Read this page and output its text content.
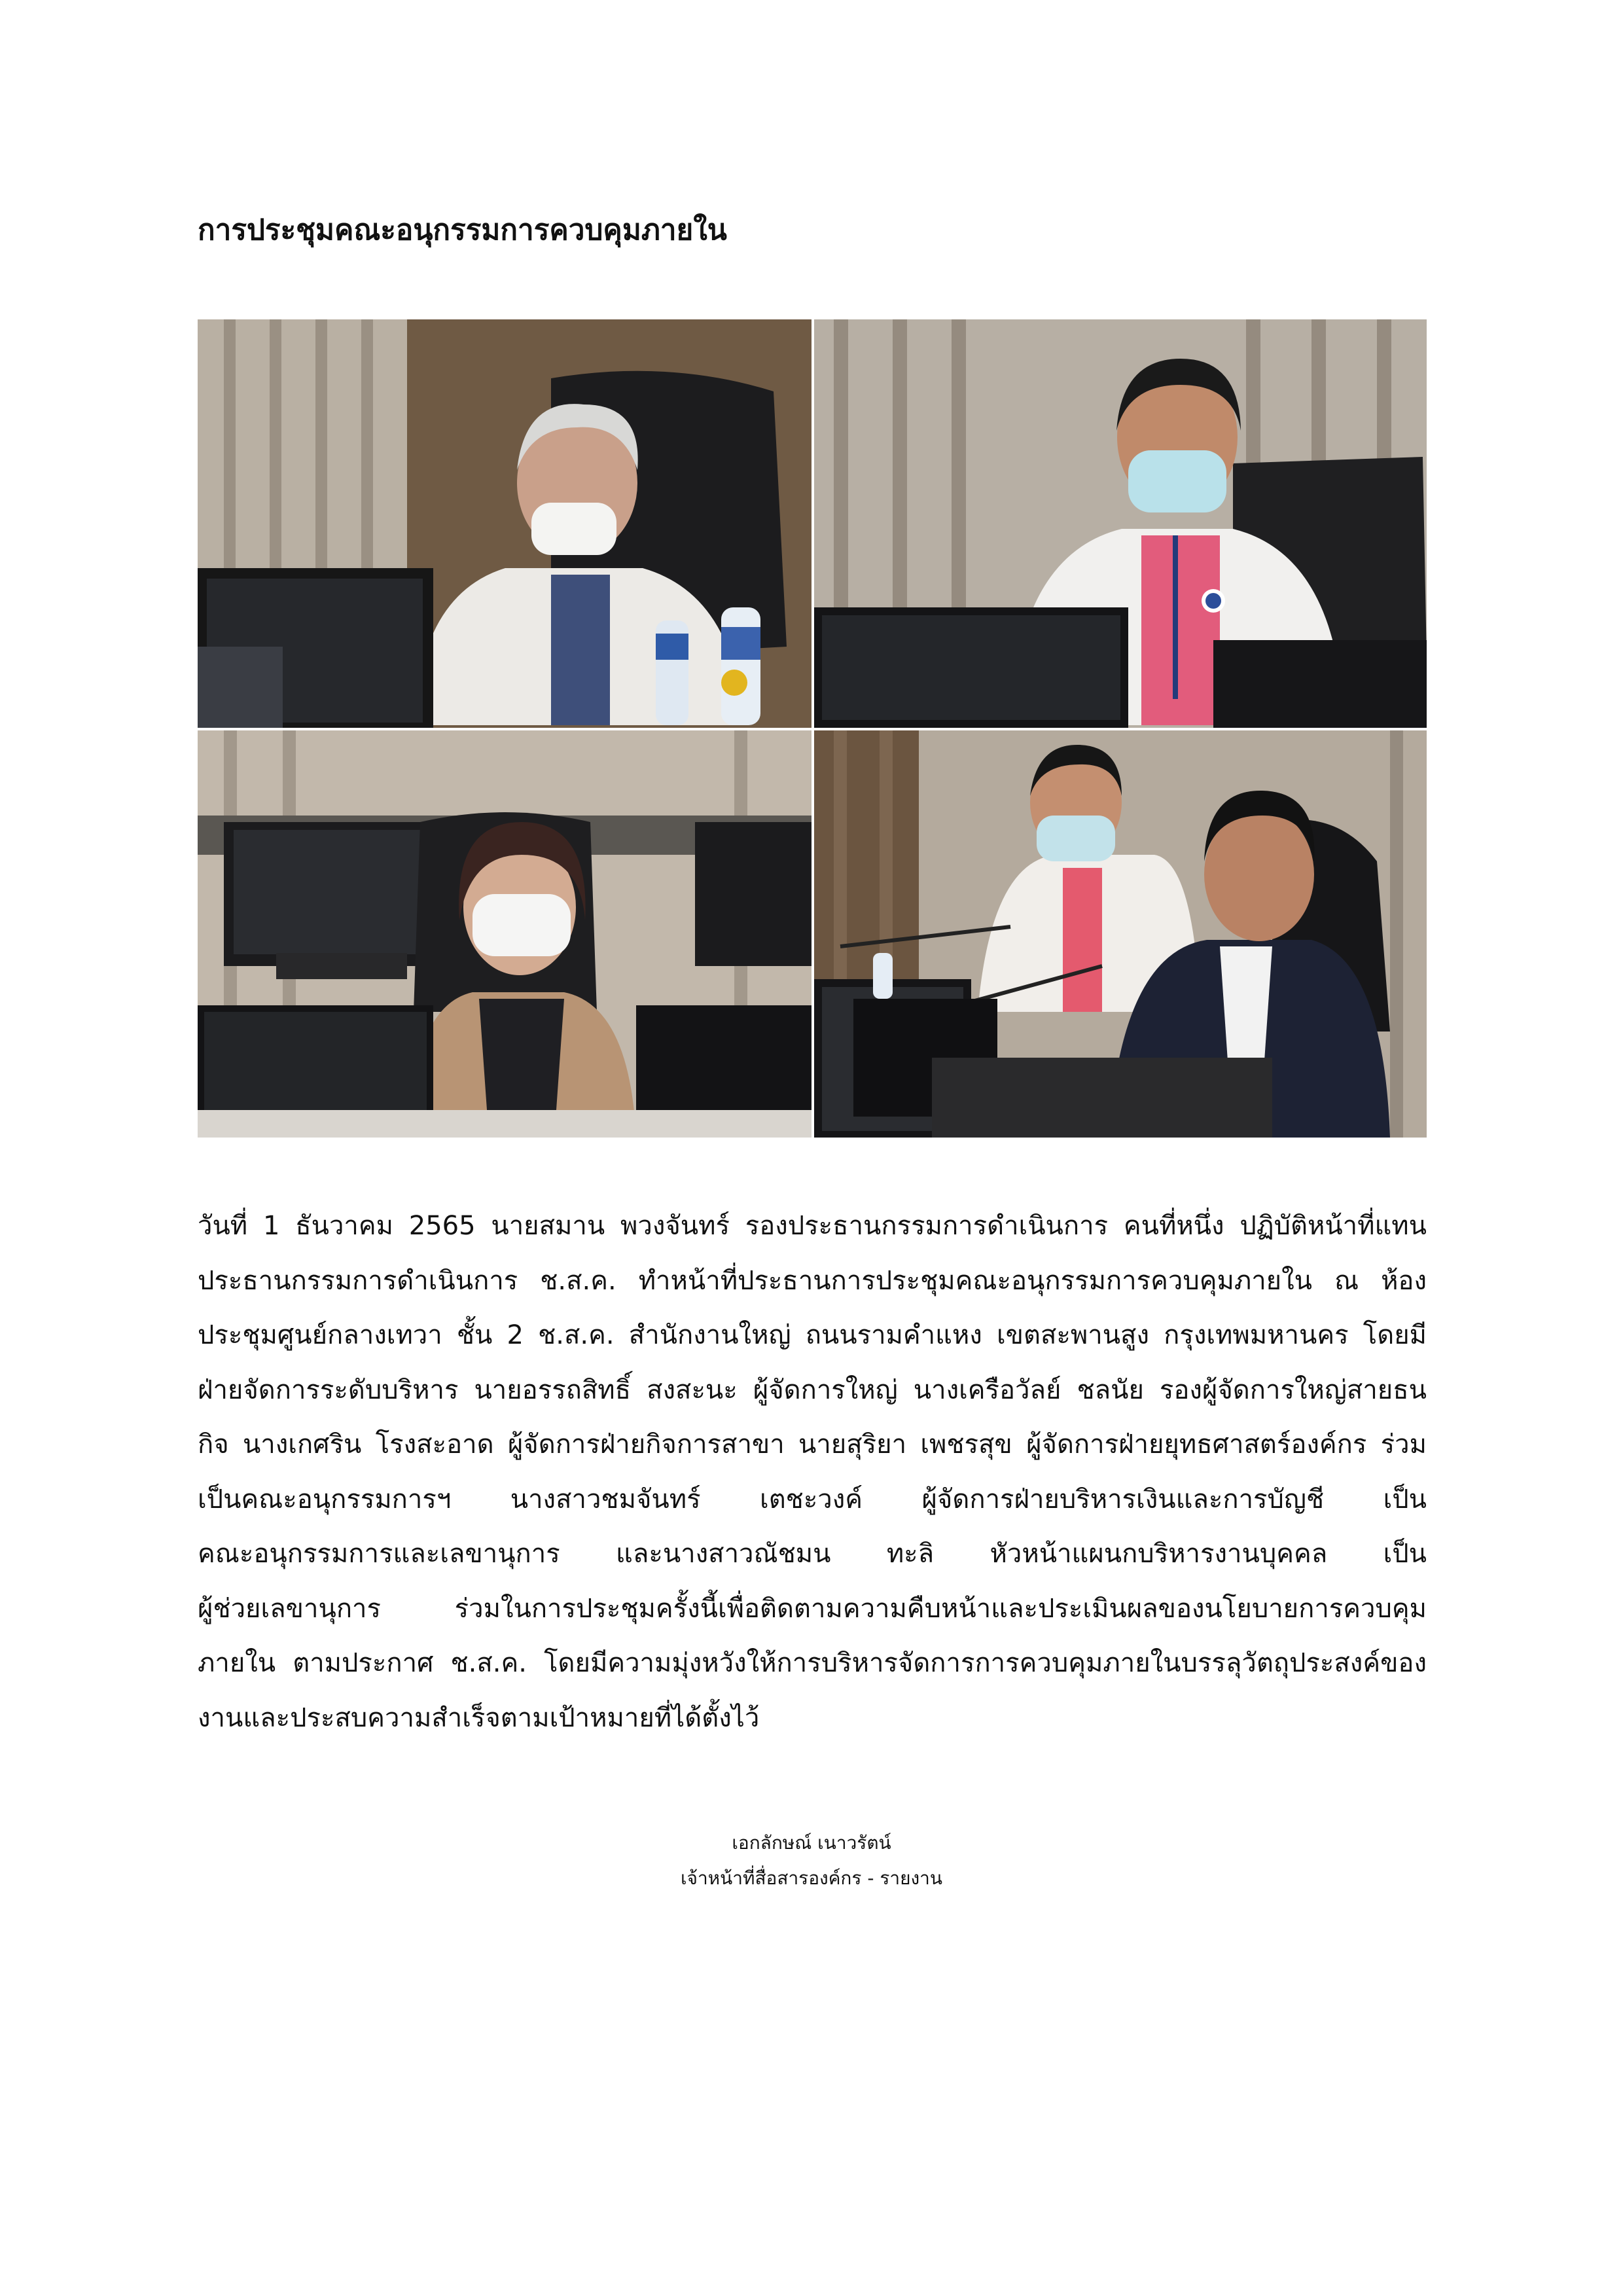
การประชุมคณะอนุกรรมการควบคุมภายใน
วันที่ 1 ธันวาคม 2565 นายสมาน พวงจันทร์ รองประธานกรรมการดำเนินการ คนที่หนึ่ง ปฏิบัติหน้าที่แทน
ประธานกรรมการดำเนินการ ช.ส.ค. ทำหน้าที่ประธานการประชุมคณะอนุกรรมการควบคุมภายใน ณ ห้อง
ประชุมศูนย์กลางเทวา ชั้น 2 ช.ส.ค. สำนักงานใหญ่ ถนนรามคำแหง เขตสะพานสูง กรุงเทพมหานคร โดยมี
ฝ่ายจัดการระดับบริหาร นายอรรถสิทธิ์ สงสะนะ ผู้จัดการใหญ่ นางเครือวัลย์ ชลนัย รองผู้จัดการใหญ่สายธน
กิจ นางเกศริน โรงสะอาด ผู้จัดการฝ่ายกิจการสาขา นายสุริยา เพชรสุข ผู้จัดการฝ่ายยุทธศาสตร์องค์กร ร่วม
เป็นคณะอนุกรรมการฯ นางสาวชมจันทร์ เตชะวงค์ ผู้จัดการฝ่ายบริหารเงินและการบัญชี เป็น
คณะอนุกรรมการและเลขานุการ และนางสาวณัชมน ทะลิ หัวหน้าแผนกบริหารงานบุคคล เป็น
ผู้ช่วยเลขานุการ ร่วมในการประชุมครั้งนี้เพื่อติดตามความคืบหน้าและประเมินผลของนโยบายการควบคุม
ภายใน ตามประกาศ ช.ส.ค. โดยมีความมุ่งหวังให้การบริหารจัดการการควบคุมภายในบรรลุวัตถุประสงค์ของ
งานและประสบความสำเร็จตามเป้าหมายที่ได้ตั้งไว้
เอกลักษณ์ เนาวรัตน์
เจ้าหน้าที่สื่อสารองค์กร - รายงาน
